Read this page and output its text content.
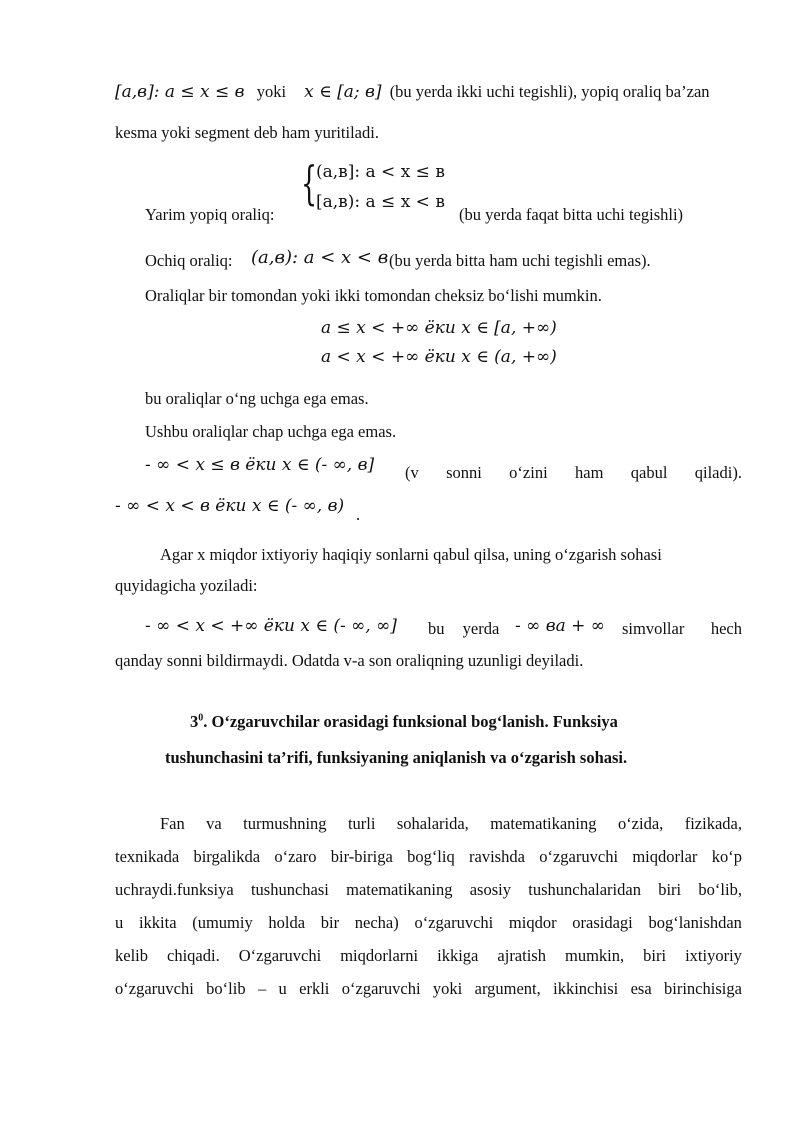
[a,в]: a ≤ x ≤ в yoki x ∈ [a; в] (bu yerda ikki uchi tegishli), yopiq oraliq ba’zan
kesma yoki segment deb ham yuritiladi.
{
(a,в]: a < x ≤ в
[a,в): a ≤ x < в
Yarim yopiq oraliq:	(bu yerda faqat bitta uchi tegishli)
Ochiq oraliq: (a,в): a < x < в (bu yerda bitta ham uchi tegishli emas).
Oraliqlar bir tomondan yoki ikki tomondan cheksiz bo‘lishi mumkin.
a ≤ x < +∞ ёки x ∈ [a, +∞)
a < x < +∞ ёки x ∈ (a, +∞)
bu oraliqlar o‘ng uchga ega emas.
Ushbu oraliqlar chap uchga ega emas.
- ∞ < x ≤ в ёки x ∈ (- ∞, в] (v sonni o‘zini ham qabul qiladi).
- ∞ < x < в ёки x ∈ (- ∞, в) .
Agar x miqdor ixtiyoriy haqiqiy sonlarni qabul qilsa, uning o‘zgarish sohasi
quyidagicha yoziladi:
- ∞ < x < +∞ ёки x ∈ (- ∞, ∞] bu yerda - ∞ ва + ∞ simvollar hech
qanday sonni bildirmaydi. Odatda v-a son oraliqning uzunligi deyiladi.
$3^0$. O‘zgaruvchilar orasidagi funksional bog‘lanish. Funksiya
tushunchasini ta’rifi, funksiyaning aniqlanish va o‘zgarish sohasi.
Fan va turmushning turli sohalarida, matematikaning o‘zida, fizikada,
texnikada birgalikda o‘zaro bir-biriga bog‘liq ravishda o‘zgaruvchi miqdorlar ko‘p
uchraydi.funksiya tushunchasi matematikaning asosiy tushunchalaridan biri bo‘lib,
u ikkita (umumiy holda bir necha) o‘zgaruvchi miqdor orasidagi bog‘lanishdan
kelib chiqadi. O‘zgaruvchi miqdorlarni ikkiga ajratish mumkin, biri ixtiyoriy
o‘zgaruvchi bo‘lib – u erkli o‘zgaruvchi yoki argument, ikkinchisi esa birinchisiga
